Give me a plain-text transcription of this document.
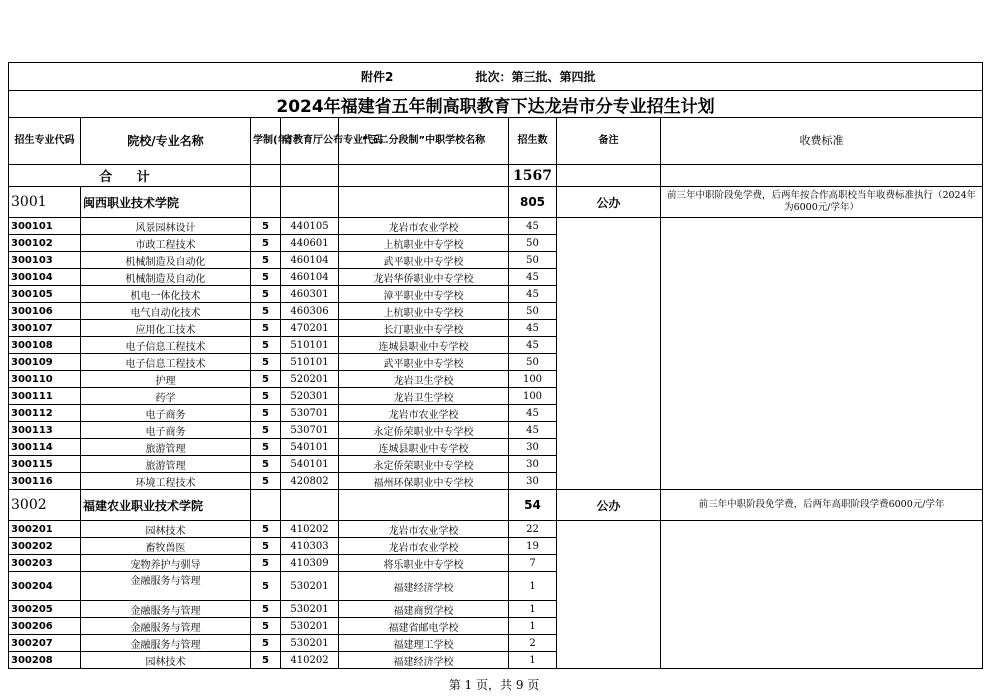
附件2 批次：第三批、第四批							
2024年福建省五年制高职教育下达龙岩市分专业招生计划							
招生专业代码	院校/专业名称	学制(年)	省教育厅公布专业代码	“三二分段制”中职学校名称	招生数	备注	收费标准
合 计					1567		
3001	闽西职业技术学院				805	公办	前三年中职阶段免学费，后两年按合作高职校当年收费标准执行（2024年为6000元/学年）
300101	风景园林设计	5	440105	龙岩市农业学校	45		
300102	市政工程技术	5	440601	上杭职业中专学校	50		
300103	机械制造及自动化	5	460104	武平职业中专学校	50		
300104	机械制造及自动化	5	460104	龙岩华侨职业中专学校	45		
300105	机电一体化技术	5	460301	漳平职业中专学校	45		
300106	电气自动化技术	5	460306	上杭职业中专学校	50		
300107	应用化工技术	5	470201	长汀职业中专学校	45		
300108	电子信息工程技术	5	510101	连城县职业中专学校	45		
300109	电子信息工程技术	5	510101	武平职业中专学校	50		
300110	护理	5	520201	龙岩卫生学校	100		
300111	药学	5	520301	龙岩卫生学校	100		
300112	电子商务	5	530701	龙岩市农业学校	45		
300113	电子商务	5	530701	永定侨荣职业中专学校	45		
300114	旅游管理	5	540101	连城县职业中专学校	30		
300115	旅游管理	5	540101	永定侨荣职业中专学校	30		
300116	环境工程技术	5	420802	福州环保职业中专学校	30		
3002	福建农业职业技术学院				54	公办	前三年中职阶段免学费，后两年高职阶段学费6000元/学年
300201	园林技术	5	410202	龙岩市农业学校	22		
300202	畜牧兽医	5	410303	龙岩市农业学校	19		
300203	宠物养护与驯导	5	410309	将乐职业中专学校	7		
300204	金融服务与管理	5	530201	福建经济学校	1		
300205	金融服务与管理	5	530201	福建商贸学校	1		
300206	金融服务与管理	5	530201	福建省邮电学校	1		
300207	金融服务与管理	5	530201	福建理工学校	2		
300208	园林技术	5	410202	福建经济学校	1		
第 1 页，共 9 页
